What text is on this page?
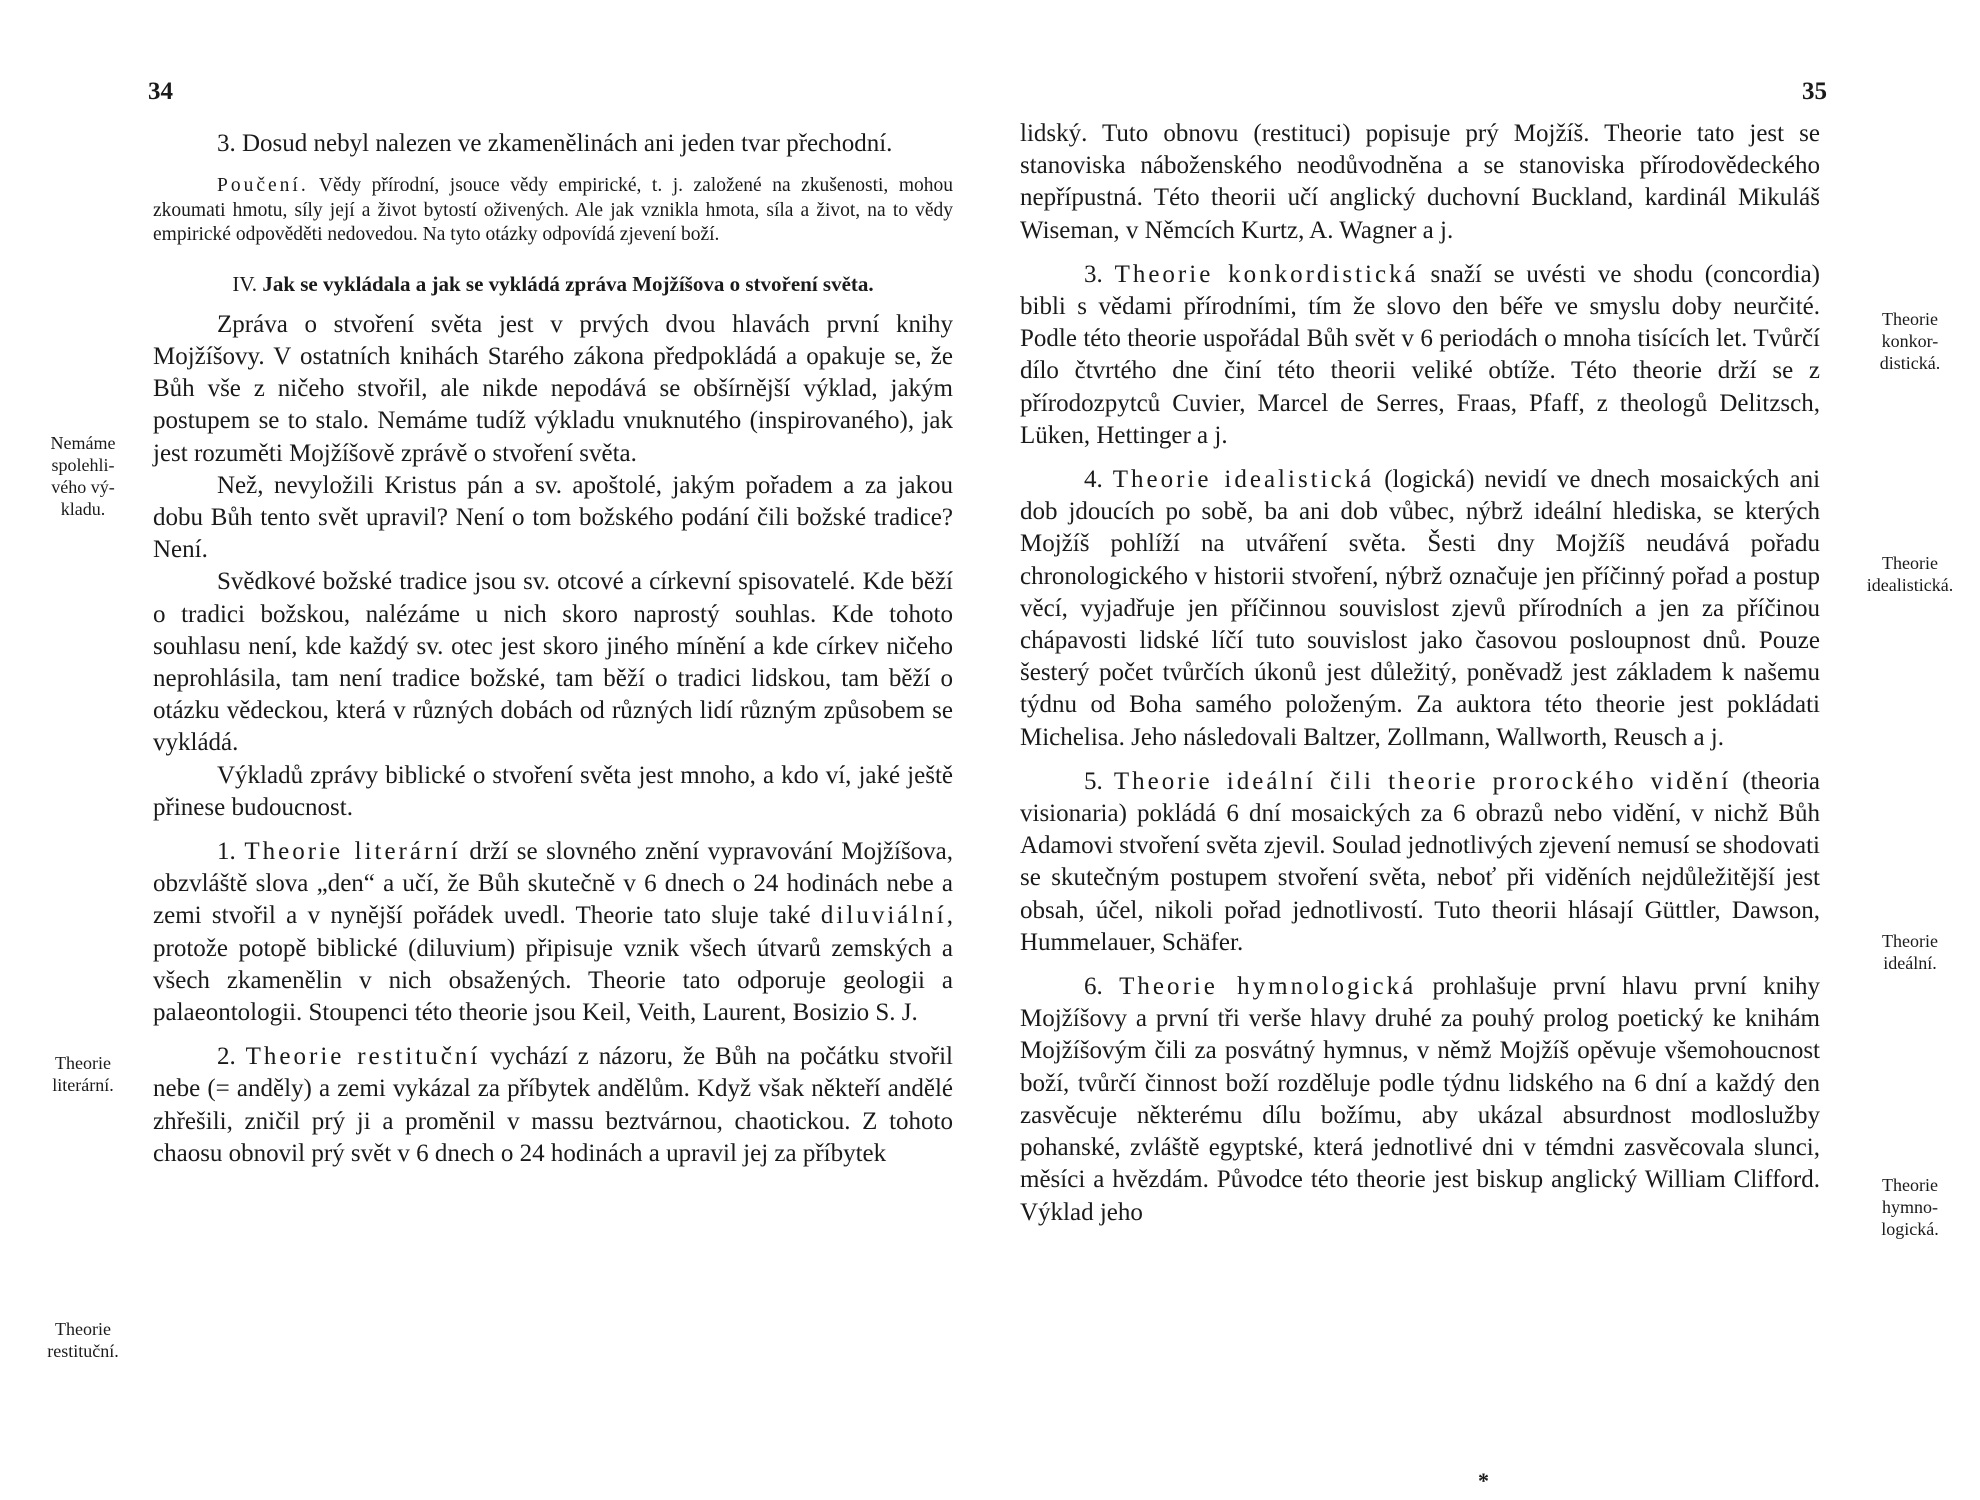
34
Nemáme
spolehli-
vého vý-
kladu.
Theorie
literární.
Theorie
restituční.

3. Dosud nebyl nalezen ve zkamenělinách ani jeden tvar přechodní.

Poučení. Vědy přírodní, jsouce vědy empirické, t. j. založené na zkušenosti, mohou zkoumati hmotu, síly její a život bytostí oživených. Ale jak vznikla hmota, síla a život, na to vědy empirické odpověděti nedovedou. Na tyto otázky odpovídá zjevení boží.

IV. Jak se vykládala a jak se vykládá zpráva Mojžíšova o stvoření světa.

Zpráva o stvoření světa jest v prvých dvou hlavách první knihy Mojžíšovy. V ostatních knihách Starého zákona předpokládá a opakuje se, že Bůh vše z ničeho stvořil, ale nikde nepodává se obšírnější výklad, jakým postupem se to stalo. Nemáme tudíž výkladu vnuknutého (inspirovaného), jak jest rozuměti Mojžíšově zprávě o stvoření světa.

Než, nevyložili Kristus pán a sv. apoštolé, jakým pořadem a za jakou dobu Bůh tento svět upravil? Není o tom božského podání čili božské tradice? Není.

Svědkové božské tradice jsou sv. otcové a církevní spisovatelé. Kde běží o tradici božskou, nalézáme u nich skoro naprostý souhlas. Kde tohoto souhlasu není, kde každý sv. otec jest skoro jiného mínění a kde církev ničeho neprohlásila, tam není tradice božské, tam běží o tradici lidskou, tam běží o otázku vědeckou, která v různých dobách od různých lidí různým způsobem se vykládá.

Výkladů zprávy biblické o stvoření světa jest mnoho, a kdo ví, jaké ještě přinese budoucnost.

1. Theorie literární drží se slovného znění vypravování Mojžíšova, obzvláště slova „den“ a učí, že Bůh skutečně v 6 dnech o 24 hodinách nebe a zemi stvořil a v nynější pořádek uvedl. Theorie tato sluje také diluviální, protože potopě biblické (diluvium) připisuje vznik všech útvarů zemských a všech zkamenělin v nich obsažených. Theorie tato odporuje geologii a palaeontologii. Stoupenci této theorie jsou Keil, Veith, Laurent, Bosizio S. J.

2. Theorie restituční vychází z názoru, že Bůh na počátku stvořil nebe (= anděly) a zemi vykázal za příbytek andělům. Když však někteří andělé zhřešili, zničil prý ji a proměnil v massu beztvárnou, chaotickou. Z tohoto chaosu obnovil prý svět v 6 dnech o 24 hodinách a upravil jej za příbytek

35
Theorie
konkor-
distická.
Theorie
idealistická.
Theorie
ideální.
Theorie
hymno-
logická.

lidský. Tuto obnovu (restituci) popisuje prý Mojžíš. Theorie tato jest se stanoviska náboženského neodůvodněna a se stanoviska přírodovědeckého nepřípustná. Této theorii učí anglický duchovní Buckland, kardinál Mikuláš Wiseman, v Němcích Kurtz, A. Wagner a j.

3. Theorie konkordistická snaží se uvésti ve shodu (concordia) bibli s vědami přírodními, tím že slovo den béře ve smyslu doby neurčité. Podle této theorie uspořádal Bůh svět v 6 periodách o mnoha tisících let. Tvůrčí dílo čtvrtého dne činí této theorii veliké obtíže. Této theorie drží se z přírodozpytců Cuvier, Marcel de Serres, Fraas, Pfaff, z theologů Delitzsch, Lüken, Hettinger a j.

4. Theorie idealistická (logická) nevidí ve dnech mosaických ani dob jdoucích po sobě, ba ani dob vůbec, nýbrž ideální hlediska, se kterých Mojžíš pohlíží na utváření světa. Šesti dny Mojžíš neudává pořadu chronologického v historii stvoření, nýbrž označuje jen příčinný pořad a postup věcí, vyjadřuje jen příčinnou souvislost zjevů přírodních a jen za příčinou chápavosti lidské líčí tuto souvislost jako časovou posloupnost dnů. Pouze šesterý počet tvůrčích úkonů jest důležitý, poněvadž jest základem k našemu týdnu od Boha samého položeným. Za auktora této theorie jest pokládati Michelisa. Jeho následovali Baltzer, Zollmann, Wallworth, Reusch a j.

5. Theorie ideální čili theorie prorockého vidění (theoria visionaria) pokládá 6 dní mosaických za 6 obrazů nebo vidění, v nichž Bůh Adamovi stvoření světa zjevil. Soulad jednotlivých zjevení nemusí se shodovati se skutečným postupem stvoření světa, neboť při viděních nejdůležitější jest obsah, účel, nikoli pořad jednotlivostí. Tuto theorii hlásají Güttler, Dawson, Hummelauer, Schäfer.

6. Theorie hymnologická prohlašuje první hlavu první knihy Mojžíšovy a první tři verše hlavy druhé za pouhý prolog poetický ke knihám Mojžíšovým čili za posvátný hymnus, v němž Mojžíš opěvuje všemohoucnost boží, tvůrčí činnost boží rozděluje podle týdnu lidského na 6 dní a každý den zasvěcuje některému dílu božímu, aby ukázal absurdnost modloslužby pohanské, zvláště egyptské, která jednotlivé dni v témdni zasvěcovala slunci, měsíci a hvězdám. Původce této theorie jest biskup anglický William Clifford. Výklad jeho

*
